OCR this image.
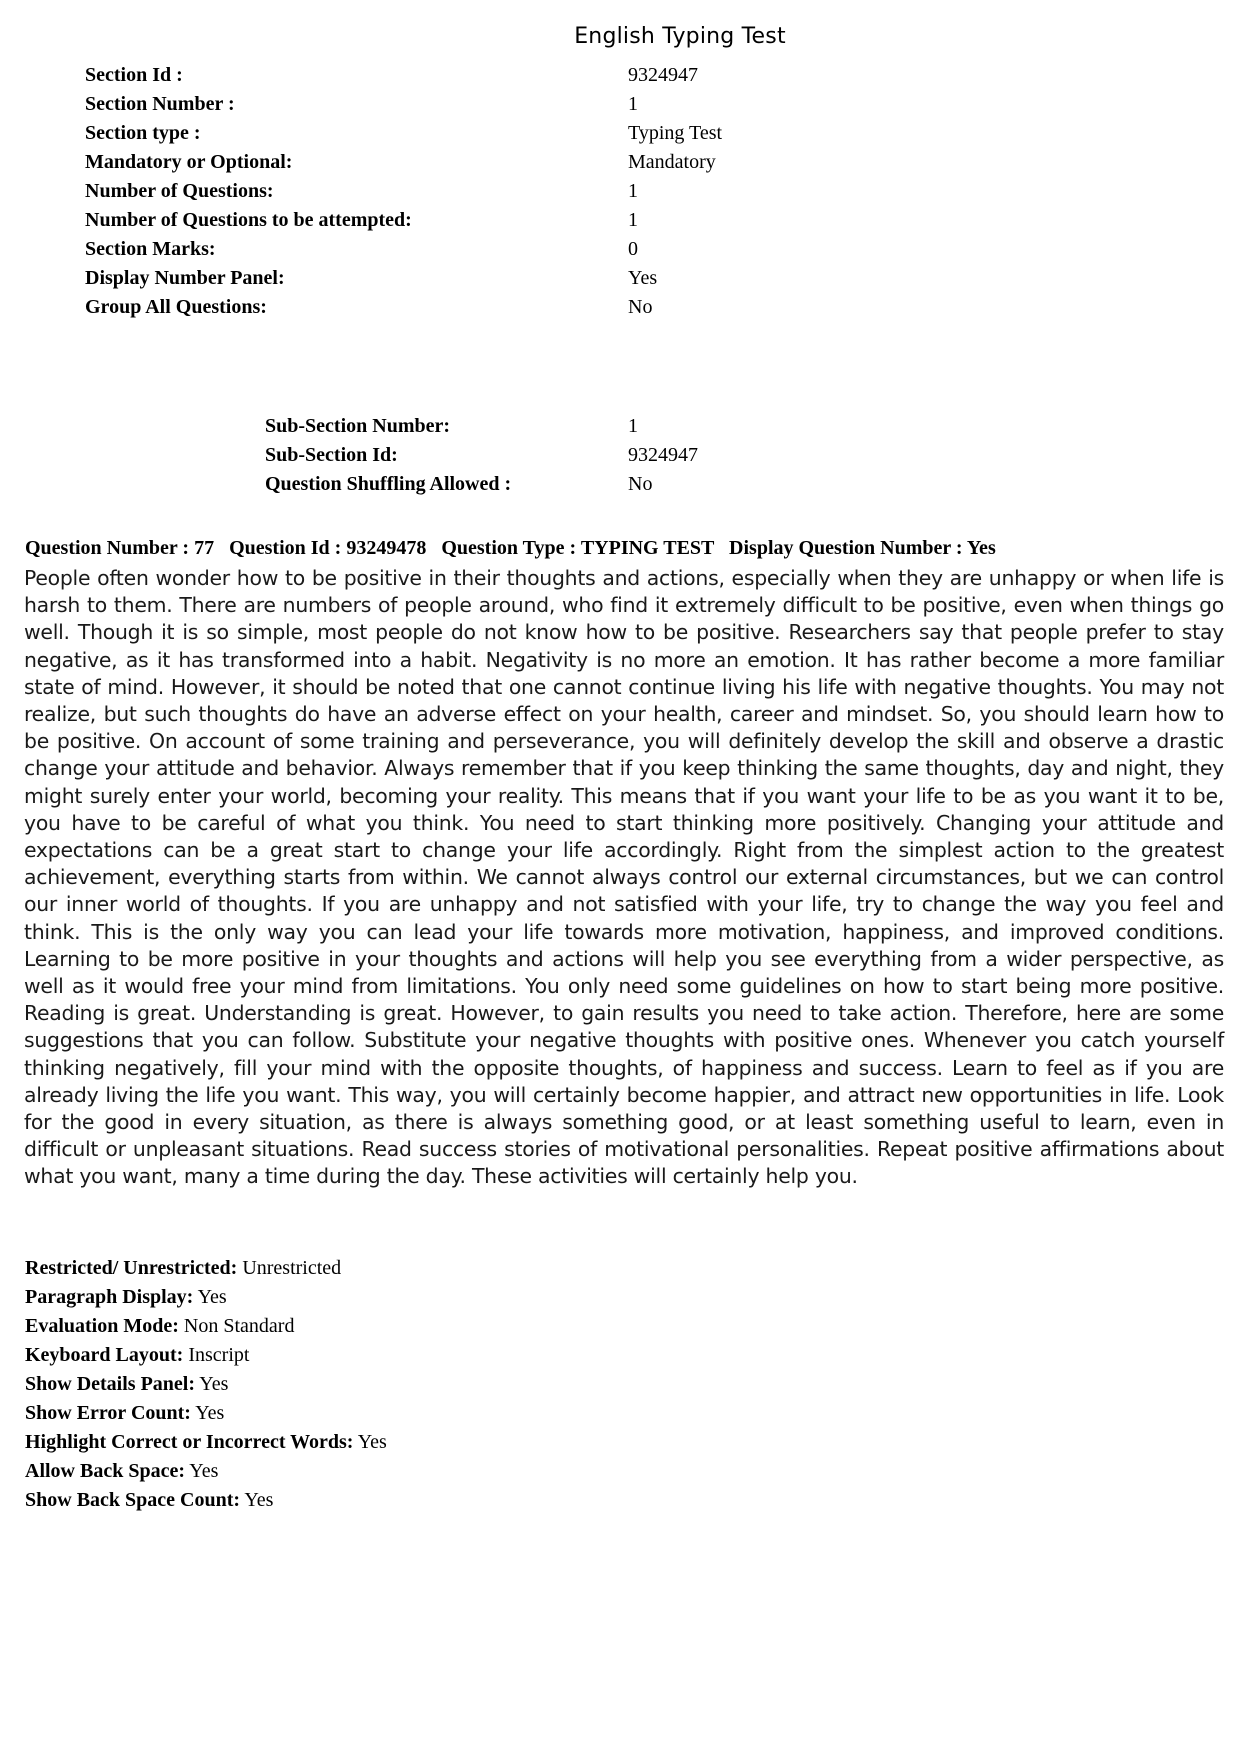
English Typing Test
Section Id :	9324947
Section Number :	1
Section type :	Typing Test
Mandatory or Optional:	Mandatory
Number of Questions:	1
Number of Questions to be attempted:	1
Section Marks:	0
Display Number Panel:	Yes
Group All Questions:	No
Sub-Section Number:	1
Sub-Section Id:	9324947
Question Shuffling Allowed :	No
Question Number : 77 Question Id : 93249478 Question Type : TYPING TEST Display Question Number : Yes

People often wonder how to be positive in their thoughts and actions, especially when they are unhappy or when life is harsh to them. There are numbers of people around, who find it extremely difficult to be positive, even when things go well. Though it is so simple, most people do not know how to be positive. Researchers say that people prefer to stay negative, as it has transformed into a habit. Negativity is no more an emotion. It has rather become a more familiar state of mind. However, it should be noted that one cannot continue living his life with negative thoughts. You may not realize, but such thoughts do have an adverse effect on your health, career and mindset. So, you should learn how to be positive. On account of some training and perseverance, you will definitely develop the skill and observe a drastic change your attitude and behavior. Always remember that if you keep thinking the same thoughts, day and night, they might surely enter your world, becoming your reality. This means that if you want your life to be as you want it to be, you have to be careful of what you think. You need to start thinking more positively. Changing your attitude and expectations can be a great start to change your life accordingly. Right from the simplest action to the greatest achievement, everything starts from within. We cannot always control our external circumstances, but we can control our inner world of thoughts. If you are unhappy and not satisfied with your life, try to change the way you feel and think. This is the only way you can lead your life towards more motivation, happiness, and improved conditions. Learning to be more positive in your thoughts and actions will help you see everything from a wider perspective, as well as it would free your mind from limitations. You only need some guidelines on how to start being more positive. Reading is great. Understanding is great. However, to gain results you need to take action. Therefore, here are some suggestions that you can follow. Substitute your negative thoughts with positive ones. Whenever you catch yourself thinking negatively, fill your mind with the opposite thoughts, of happiness and success. Learn to feel as if you are already living the life you want. This way, you will certainly become happier, and attract new opportunities in life. Look for the good in every situation, as there is always something good, or at least something useful to learn, even in difficult or unpleasant situations. Read success stories of motivational personalities. Repeat positive affirmations about what you want, many a time during the day. These activities will certainly help you.

Restricted/ Unrestricted: Unrestricted
Paragraph Display: Yes
Evaluation Mode: Non Standard
Keyboard Layout: Inscript
Show Details Panel: Yes
Show Error Count: Yes
Highlight Correct or Incorrect Words: Yes
Allow Back Space: Yes
Show Back Space Count: Yes
